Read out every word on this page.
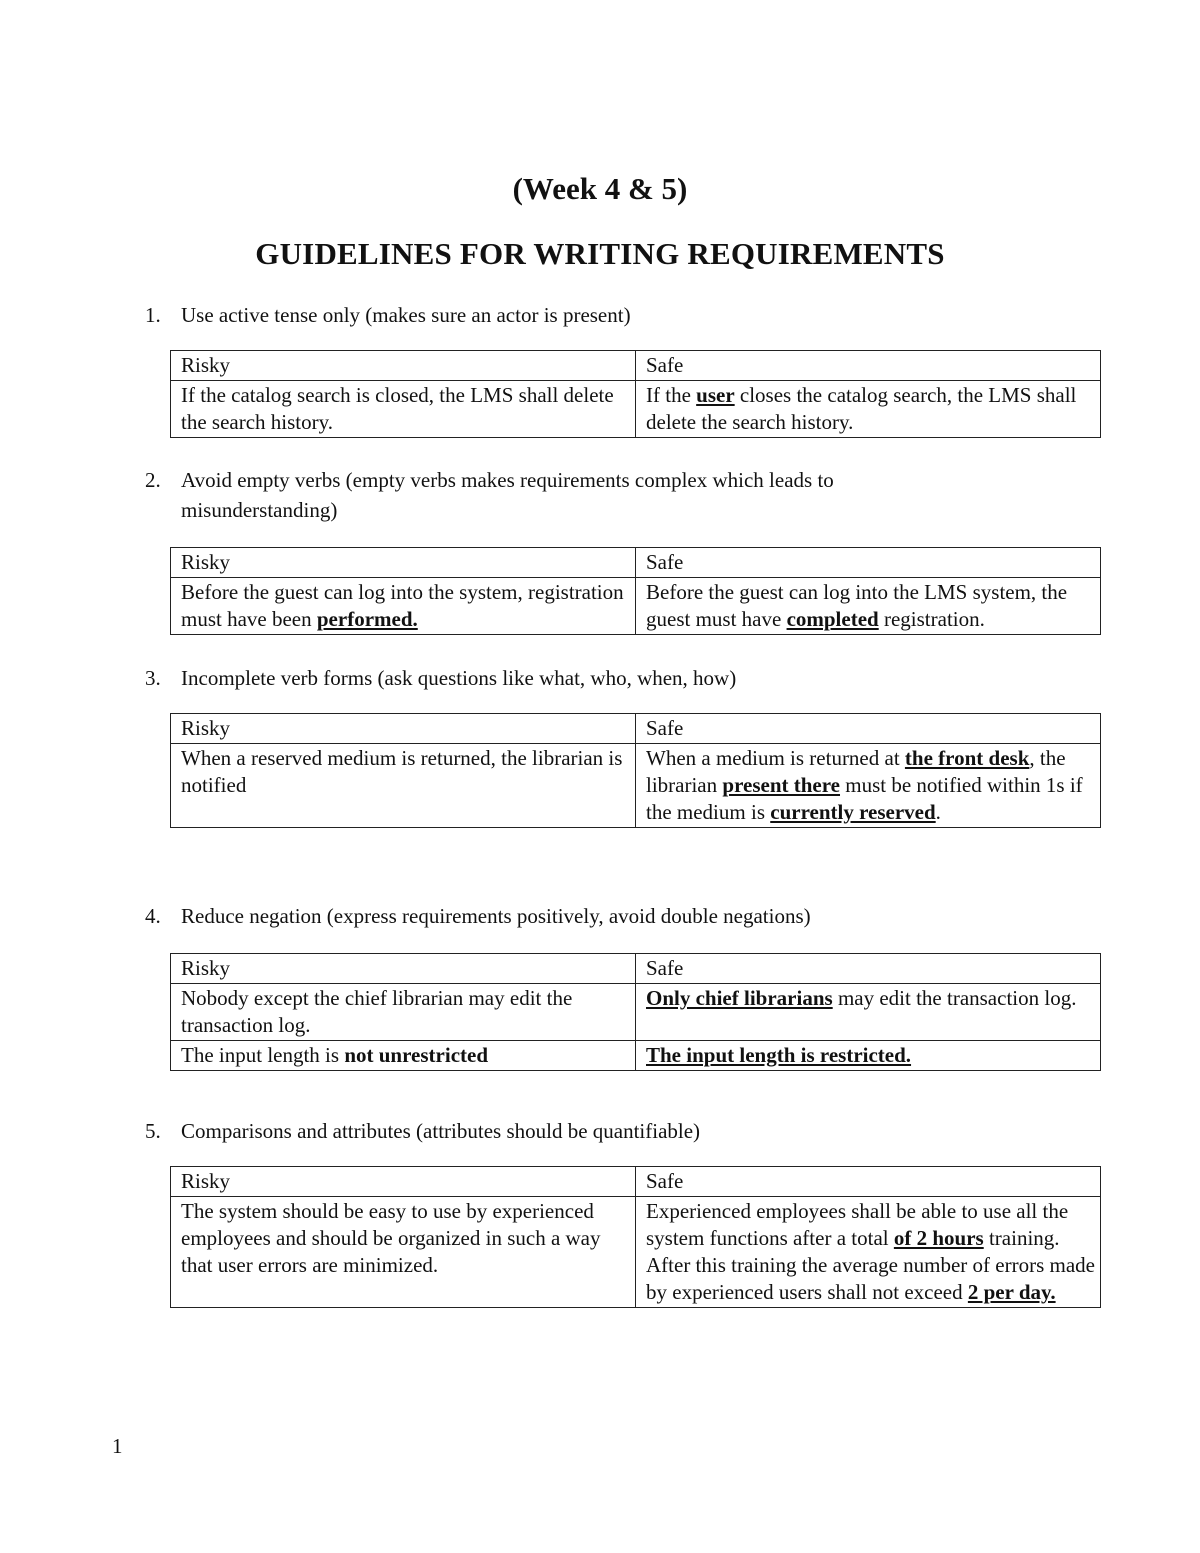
(Week 4 & 5)
GUIDELINES FOR WRITING REQUIREMENTS
1. Use active tense only (makes sure an actor is present)
Risky	Safe
If the catalog search is closed, the LMS shall delete the search history.	If the user closes the catalog search, the LMS shall delete the search history.
2. Avoid empty verbs (empty verbs makes requirements complex which leads to
misunderstanding)
Risky	Safe
Before the guest can log into the system, registration must have been performed.	Before the guest can log into the LMS system, the guest must have completed registration.
3. Incomplete verb forms (ask questions like what, who, when, how)
Risky	Safe
When a reserved medium is returned, the librarian is notified	When a medium is returned at the front desk, the librarian present there must be notified within 1s if the medium is currently reserved.
4. Reduce negation (express requirements positively, avoid double negations)
Risky	Safe
Nobody except the chief librarian may edit the transaction log.	Only chief librarians may edit the transaction log.
The input length is not unrestricted	The input length is restricted.
5. Comparisons and attributes (attributes should be quantifiable)
Risky	Safe
The system should be easy to use by experienced employees and should be organized in such a way that user errors are minimized.	Experienced employees shall be able to use all the system functions after a total of 2 hours training. After this training the average number of errors made by experienced users shall not exceed 2 per day.
1
